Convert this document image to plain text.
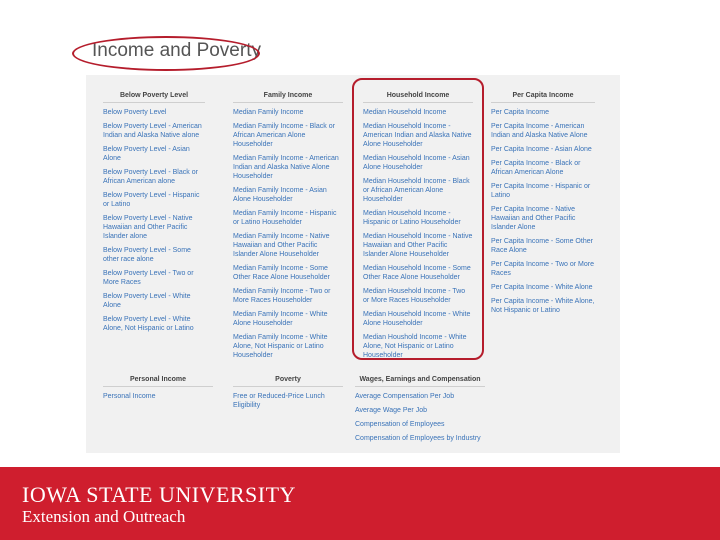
Income and Poverty
Below Poverty Level
Below Poverty Level
Below Poverty Level - American Indian and Alaska Native alone
Below Poverty Level - Asian Alone
Below Poverty Level - Black or African American alone
Below Poverty Level - Hispanic or Latino
Below Poverty Level - Native Hawaiian and Other Pacific Islander alone
Below Poverty Level - Some other race alone
Below Poverty Level - Two or More Races
Below Poverty Level - White Alone
Below Poverty Level - White Alone, Not Hispanic or Latino
Family Income
Median Family Income
Median Family Income - Black or African American Alone Householder
Median Family Income - American Indian and Alaska Native Alone Householder
Median Family Income - Asian Alone Householder
Median Family Income - Hispanic or Latino Householder
Median Family Income - Native Hawaiian and Other Pacific Islander Alone Householder
Median Family Income - Some Other Race Alone Householder
Median Family Income - Two or More Races Householder
Median Family Income - White Alone Householder
Median Family Income - White Alone, Not Hispanic or Latino Householder
Household Income
Median Household Income
Median Household Income - American Indian and Alaska Native Alone Householder
Median Household Income - Asian Alone Householder
Median Household Income - Black or African American Alone Householder
Median Household Income - Hispanic or Latino Householder
Median Household Income - Native Hawaiian and Other Pacific Islander Alone Householder
Median Household Income - Some Other Race Alone Householder
Median Household Income - Two or More Races Householder
Median Household Income - White Alone Householder
Median Houshold Income - White Alone, Not Hispanic or Latino Householder
Per Capita Income
Per Capita Income
Per Capita Income - American Indian and Alaska Native Alone
Per Capita Income - Asian Alone
Per Capita Income - Black or African American Alone
Per Capita Income - Hispanic or Latino
Per Capita Income - Native Hawaiian and Other Pacific Islander Alone
Per Capita Income - Some Other Race Alone
Per Capita Income - Two or More Races
Per Capita Income - White Alone
Per Capita Income - White Alone, Not Hispanic or Latino
Personal Income
Personal Income
Poverty
Free or Reduced-Price Lunch Eligibility
Wages, Earnings and Compensation
Average Compensation Per Job
Average Wage Per Job
Compensation of Employees
Compensation of Employees by Industry
IOWA STATE UNIVERSITY
Extension and Outreach
